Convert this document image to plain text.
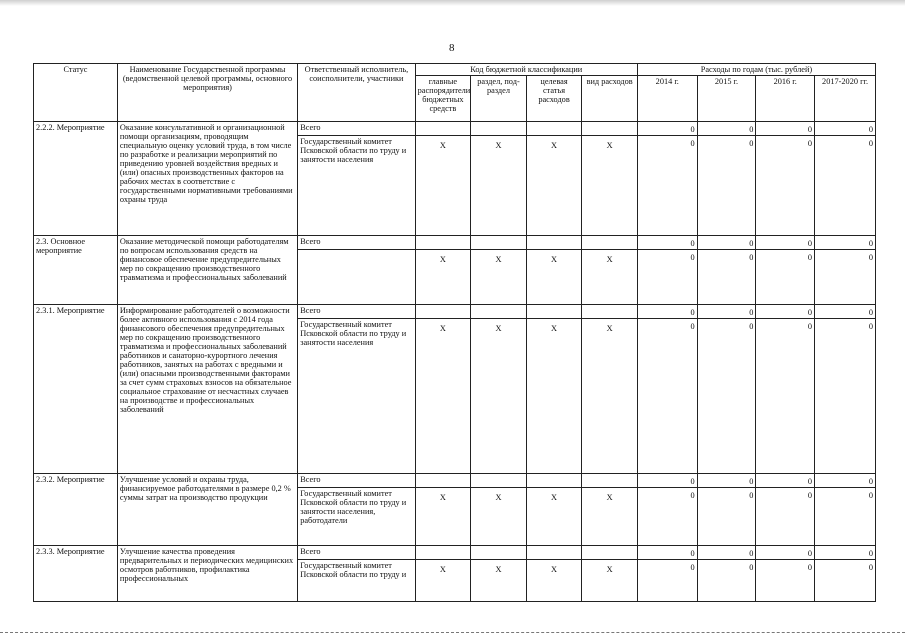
8
Статус	Наименование Государственной программы (ведомственной целевой программы, основного мероприятия)	Ответственный исполнитель, соисполнители, участники	Код бюджетной классификации				Расходы по годам (тыс. рублей)			
			главные распорядители бюджетных средств	раздел, под-раздел	целевая статья расходов	вид расходов	2014 г.	2015 г.	2016 г.	2017-2020 гг.
2.2.2. Мероприятие	Оказание консультативной и организационной помощи организациям, проводящим специальную оценку условий труда, в том числе по разработке и реализации мероприятий по приведению уровней воздействия вредных и (или) опасных производственных факторов на рабочих местах в соответствие с государственными нормативными требованиями охраны труда	Всего					0	0	0	0
		Государственный комитет Псковской области по труду и занятости населения	X	X	X	X	0	0	0	0
2.3. Основное мероприятие	Оказание методической помощи работодателям по вопросам использования средств на финансовое обеспечение предупредительных мер по сокращению производственного травматизма и профессиональных заболеваний	Всего					0	0	0	0
			X	X	X	X	0	0	0	0
2.3.1. Мероприятие	Информирование работодателей о возможности более активного использования с 2014 года финансового обеспечения предупредительных мер по сокращению производственного травматизма и профессиональных заболеваний работников и санаторно-курортного лечения работников, занятых на работах с вредными и (или) опасными производственными факторами за счет сумм страховых взносов на обязательное социальное страхование от несчастных случаев на производстве и профессиональных заболеваний	Всего					0	0	0	0
		Государственный комитет Псковской области по труду и занятости населения	X	X	X	X	0	0	0	0
2.3.2. Мероприятие	Улучшение условий и охраны труда, финансируемое работодателями в размере 0,2 % суммы затрат на производство продукции	Всего					0	0	0	0
		Государственный комитет Псковской области по труду и занятости населения, работодатели	X	X	X	X	0	0	0	0
2.3.3. Мероприятие	Улучшение качества проведения предварительных и периодических медицинских осмотров работников, профилактика профессиональных	Всего					0	0	0	0
		Государственный комитет Псковской области по труду и	X	X	X	X	0	0	0	0
